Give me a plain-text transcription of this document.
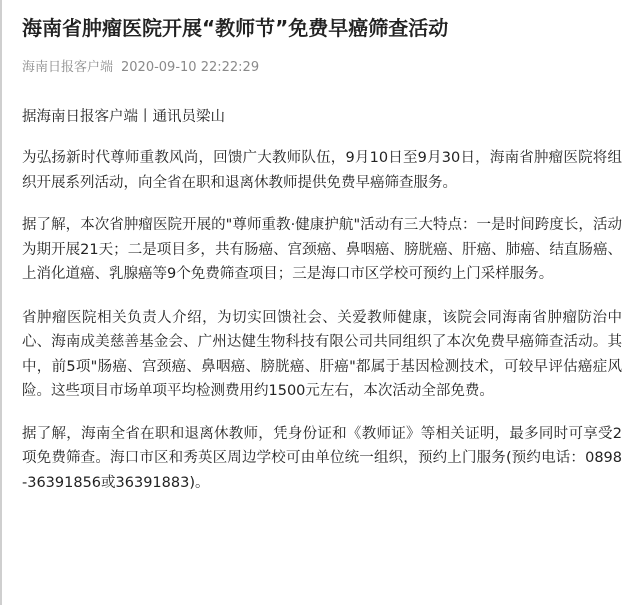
海南省肿瘤医院开展“教师节”免费早癌筛查活动
海南日报客户端 2020-09-10 22:22:29
据海南日报客户端丨通讯员梁山

为弘扬新时代尊师重教风尚，回馈广大教师队伍，9月10日至9月30日，海南省肿瘤医院将组织开展系列活动，向全省在职和退离休教师提供免费早癌筛查服务。

据了解，本次省肿瘤医院开展的"尊师重教·健康护航"活动有三大特点：一是时间跨度长，活动为期开展21天；二是项目多，共有肠癌、宫颈癌、鼻咽癌、膀胱癌、肝癌、肺癌、结直肠癌、上消化道癌、乳腺癌等9个免费筛查项目；三是海口市区学校可预约上门采样服务。

省肿瘤医院相关负责人介绍，为切实回馈社会、关爱教师健康，该院会同海南省肿瘤防治中心、海南成美慈善基金会、广州达健生物科技有限公司共同组织了本次免费早癌筛查活动。其中，前5项"肠癌、宫颈癌、鼻咽癌、膀胱癌、肝癌"都属于基因检测技术，可较早评估癌症风险。这些项目市场单项平均检测费用约1500元左右，本次活动全部免费。

据了解，海南全省在职和退离休教师，凭身份证和《教师证》等相关证明，最多同时可享受2项免费筛查。海口市区和秀英区周边学校可由单位统一组织，预约上门服务(预约电话：0898 -36391856或36391883)。
